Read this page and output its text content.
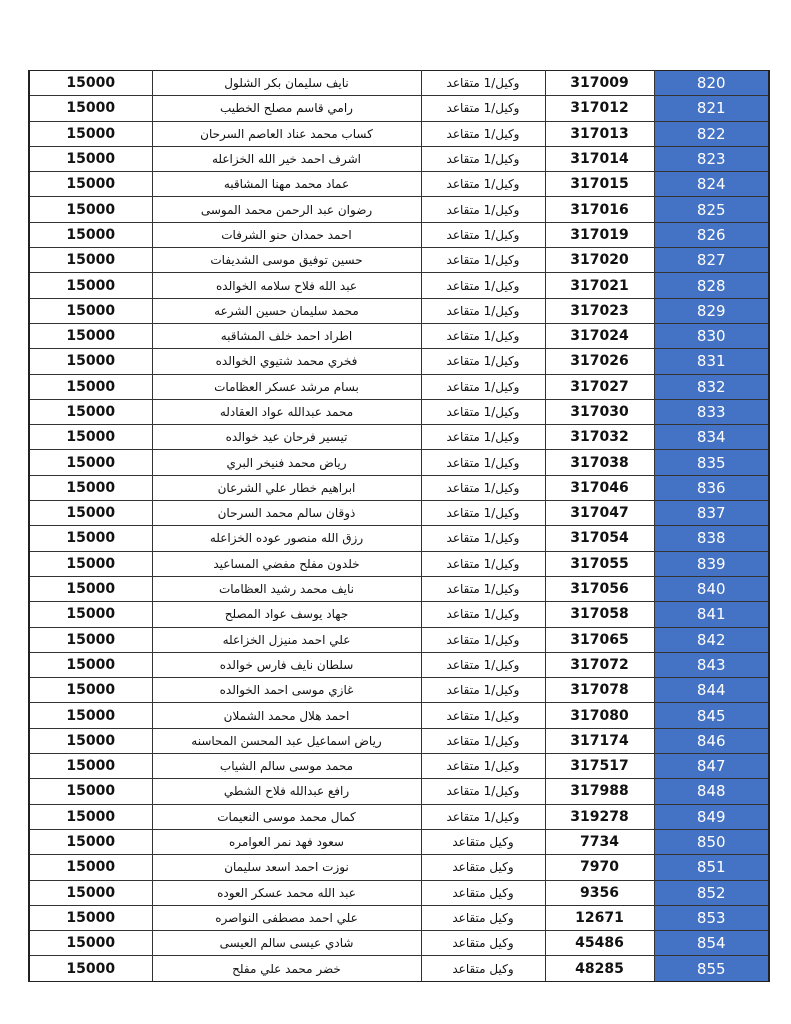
15000	نايف سليمان بكر الشلول	وكيل/1 متقاعد	317009	820
15000	رامي قاسم مصلح الخطيب	وكيل/1 متقاعد	317012	821
15000	كساب محمد عناد العاصم السرحان	وكيل/1 متقاعد	317013	822
15000	اشرف احمد خير الله الخزاعله	وكيل/1 متقاعد	317014	823
15000	عماد محمد مهنا المشاقبه	وكيل/1 متقاعد	317015	824
15000	رضوان عبد الرحمن محمد الموسى	وكيل/1 متقاعد	317016	825
15000	احمد حمدان حنو الشرفات	وكيل/1 متقاعد	317019	826
15000	حسين توفيق موسى الشديفات	وكيل/1 متقاعد	317020	827
15000	عبد الله فلاح سلامه الخوالده	وكيل/1 متقاعد	317021	828
15000	محمد سليمان حسين الشرعه	وكيل/1 متقاعد	317023	829
15000	اطراد احمد خلف المشاقبه	وكيل/1 متقاعد	317024	830
15000	فخري محمد شتيوي الخوالده	وكيل/1 متقاعد	317026	831
15000	بسام مرشد عسكر العظامات	وكيل/1 متقاعد	317027	832
15000	محمد عبدالله عواد العقادله	وكيل/1 متقاعد	317030	833
15000	تيسير فرحان عيد خوالده	وكيل/1 متقاعد	317032	834
15000	رياض محمد فنيخر البري	وكيل/1 متقاعد	317038	835
15000	ابراهيم خطار علي الشرعان	وكيل/1 متقاعد	317046	836
15000	ذوقان سالم محمد السرحان	وكيل/1 متقاعد	317047	837
15000	رزق الله منصور عوده الخزاعله	وكيل/1 متقاعد	317054	838
15000	خلدون مفلح مفضي المساعيد	وكيل/1 متقاعد	317055	839
15000	نايف محمد رشيد العظامات	وكيل/1 متقاعد	317056	840
15000	جهاد يوسف عواد المصلح	وكيل/1 متقاعد	317058	841
15000	علي احمد منيزل الخزاعله	وكيل/1 متقاعد	317065	842
15000	سلطان نايف فارس خوالده	وكيل/1 متقاعد	317072	843
15000	غازي موسى احمد الخوالده	وكيل/1 متقاعد	317078	844
15000	احمد هلال محمد الشملان	وكيل/1 متقاعد	317080	845
15000	رياض اسماعيل عبد المحسن المحاسنه	وكيل/1 متقاعد	317174	846
15000	محمد موسى سالم الشياب	وكيل/1 متقاعد	317517	847
15000	رافع عبدالله فلاح الشطي	وكيل/1 متقاعد	317988	848
15000	كمال محمد موسى النعيمات	وكيل/1 متقاعد	319278	849
15000	سعود فهد نمر العوامره	وكيل متقاعد	7734	850
15000	نوزت احمد اسعد سليمان	وكيل متقاعد	7970	851
15000	عبد الله محمد عسكر العوده	وكيل متقاعد	9356	852
15000	علي احمد مصطفى النواصره	وكيل متقاعد	12671	853
15000	شادي عيسى سالم العيسى	وكيل متقاعد	45486	854
15000	خضر محمد علي مفلح	وكيل متقاعد	48285	855
